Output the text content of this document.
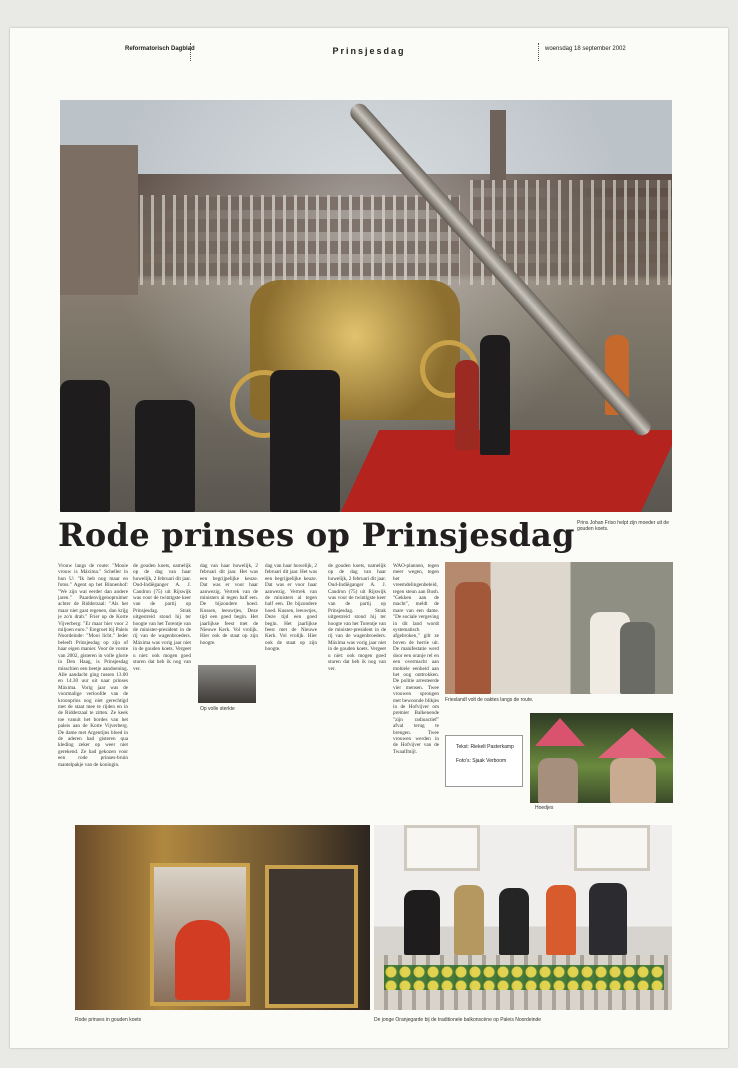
Reformatorisch Dagblad	Prinsjesdag	woensdag 18 september 2002
Rode prinses op Prinsjesdag Prins Johan Friso helpt zijn moeder uit de gouden koets.
Vrouw langs de route: "Mooie vrouw is Máxima." Scheller in hun U: "Ik heb nog maar en fotos." Agent op het Binnenhof: "We zijn wat eerder dan andere jaren." Paardenvijgenopruimer achter de Ridderzaal: "Als het maar niet gaat regenen, dan krijg je zo'n drab." Frier op de Korte Vijverberg: "Er maar hier voor 2 miljoen euro." Eregroet bij Paleis Noordeinde: "Mooi licht." Ieder beleeft Prinsjesdag op zijn of haar eigen manier. Voor de vorste van 2002, gisteren in volle glorie in Den Haag, is Prinsjesdag misschien een beetje aandoening. Alle aandacht ging tussen 13.00 en 14.30 uur uit naar prinses Máxima. Vorig jaar was de voormalige verloofde van de kroonprins nog niet gerechtigd met de staat mee te rijden en in de Ridderzaal te zitten. Ze keek toe vanuit het bordes van het paleis aan de Korte Vijverberg. De dame met Argentijns bloed in de aderen had gisteren qua kleding zeker op weer niet gerekend. Ze had gekozen voor een rode prinses-bruin mantelpakje van de koningin.
de gouden koets, namelijk op de dag van haar huwelijk, 2 februari dit jaar. Oud-Indiëganger A. J. Caudron (75) uit Rijswijk was voor de twintigste keer van de partij op Prinsjesdag. Strak uitgestreid stond hij ter hoogte van het Torentje van de minister-president in de rij van de wagenbroeders. Máxima was vorig jaar niet in de gouden koets. Vergeet u niet: ook mogen goed sturen dat heb ik nog van ver.
dag van haar huwelijk, 2 februari dit jaar. Het was een begrijpelijke keuze. Dat was er voor haar aanwezig. Vertrek van de ministers al tegen half een. De bijzondere hoed. Kussen, leeuwtjes, Deze tijd een goed begin. Het jaarlijkse feest met de Nieuwe Kerk. Vol vrolijk. Hier ook de staat op zijn hoogte.
Op volle sterkte
dag van haar huwelijk, 2 februari dit jaar. Het was een begrijpelijke keuze. Dat was er voor haar aanwezig. Vertrek van de ministers al tegen half een. De bijzondere hoed. Kussen, leeuwtjes, Deze tijd een goed begin. Het jaarlijkse feest met de Nieuwe Kerk. Vol vrolijk. Hier ook de staat op zijn hoogte.
de gouden koets, namelijk op de dag van haar huwelijk, 2 februari dit jaar. Oud-Indiëganger A. J. Caudron (75) uit Rijswijk was voor de twintigste keer van de partij op Prinsjesdag. Strak uitgestreid stond hij ter hoogte van het Torentje van de minister-president in de rij van de wagenbroeders. Máxima was vorig jaar niet in de gouden koets. Vergeet u niet: ook mogen goed sturen dat heb ik nog van ver.
WAO-plannen, tegen meer wegen, tegen het vreemdelingenbeleid, tegen steun aan Bush. "Gekken aan de macht", meldt de mare van een dame. "De sociale vergeving in dit land wordt systematisch afgebroken," gilt ze boven de herrie uit. De manifestatie werd door een oranje rel en een overmacht aan mobiele eenheid aan het oog onttrokken. De politie arresteerde vier mensen. Twee vrouwen sprongen met bewoonde blikjes in de Hofvijver om premier Balkenende "zijn radioactief" afval terug te brengen. Twee vrouwen werden in de Hofvijver van de Twaalfmijl.
Frieslandl volt de oaktes langs de route.
Tekst: Riekelt Pasterkamp
Foto's: Sjaak Verboom
Hoedjes
Rode prinses in gouden koets	De jonge Oranjegarde bij de traditionele balkonscène op Paleis Noordeinde
